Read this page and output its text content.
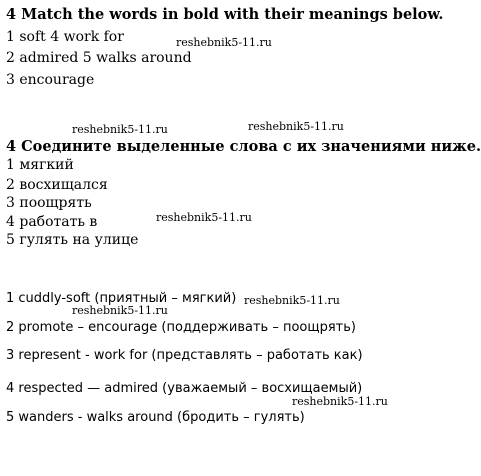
4 Match the words in bold with their meanings below.
1 soft 4 work for
2 admired 5 walks around
3 encourage
4 Соедините выделенные слова с их значениями ниже.
1 мягкий
2 восхищался
3 поощрять
4 работать в
5 гулять на улице
1 cuddly-soft (приятный – мягкий)
2 promote – encourage (поддерживать – поощрять)
3 represent - work for (представлять – работать как)
4 respected — admired (уважаемый – восхищаемый)
5 wanders - walks around (бродить – гулять)
reshebnik5-11.ru
reshebnik5-11.ru	reshebnik5-11.ru
reshebnik5-11.ru
reshebnik5-11.ru
reshebnik5-11.ru
reshebnik5-11.ru
